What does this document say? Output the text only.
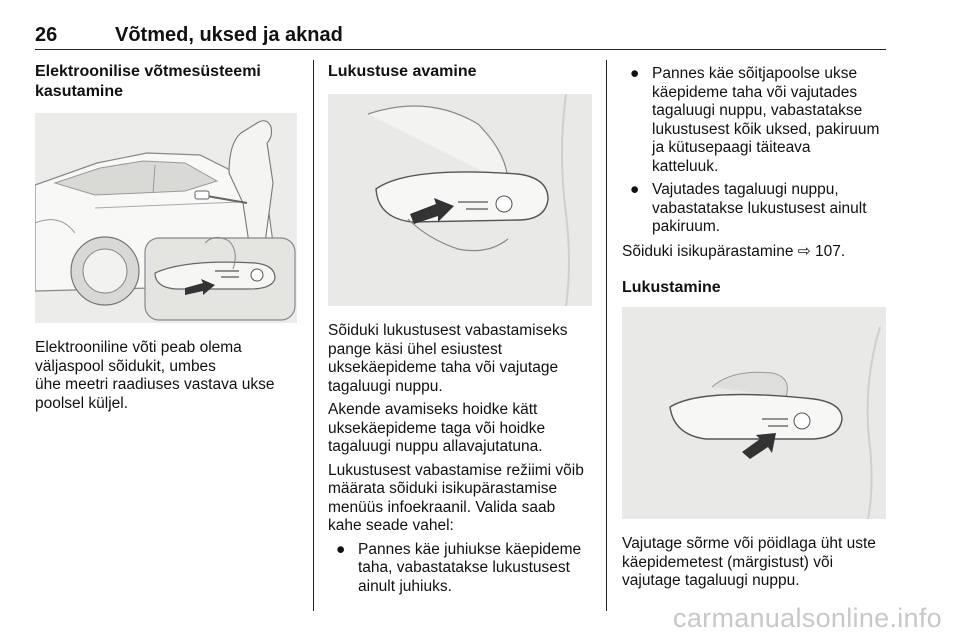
26	Võtmed, uksed ja aknad
Elektroonilise võtmesüsteemi
kasutamine

Elektrooniline võti peab olema

väljaspool sõidukit, umbes

ühe meetri raadiuses vastava ukse

poolsel küljel.

Lukustuse avamine

Sõiduki lukustusest vabastamiseks

pange käsi ühel esiustest

uksekäepideme taha või vajutage

tagaluugi nuppu.

Akende avamiseks hoidke kätt

uksekäepideme taga või hoidke

tagaluugi nuppu allavajutatuna.

Lukustusest vabastamise režiimi võib

määrata sõiduki isikupärastamise

menüüs infoekraanil. Valida saab

kahe seade vahel:

● Pannes käe juhiukse käepideme
taha, vabastatakse lukustusest
ainult juhiuks.
● Pannes käe sõitjapoolse ukse
käepideme taha või vajutades
tagaluugi nuppu, vabastatakse
lukustusest kõik uksed, pakiruum
ja kütusepaagi täiteava
katteluuk.
● Vajutades tagaluugi nuppu,
vabastatakse lukustusest ainult
pakiruum.

Sõiduki isikupärastamine ⇨ 107.

Lukustamine

Vajutage sõrme või pöidlaga üht uste

käepidemetest (märgistust) või

vajutage tagaluugi nuppu.

carmanualsonline.info
